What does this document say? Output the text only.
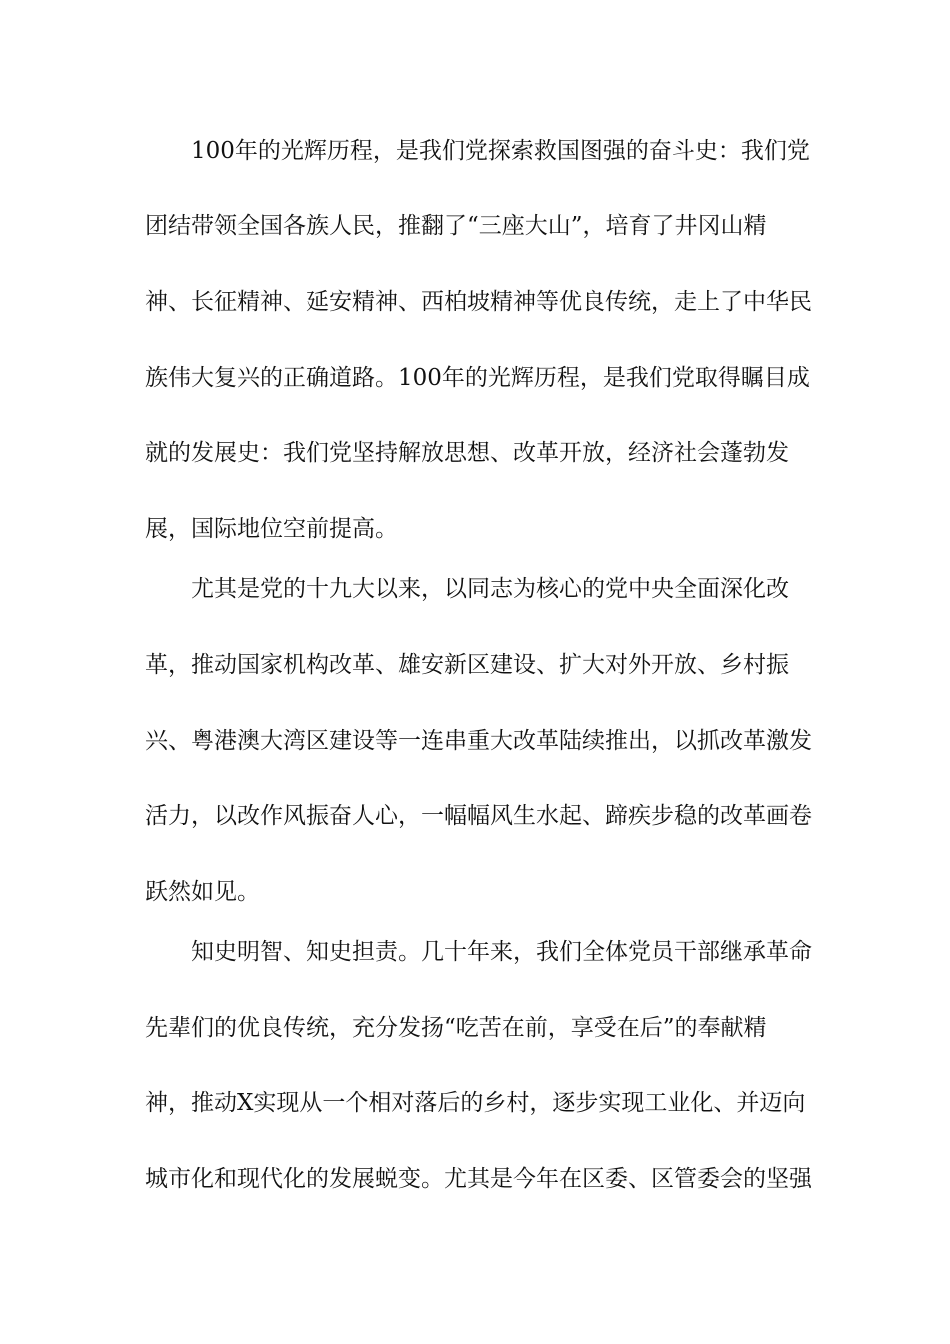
100年的光辉历程，是我们党探索救国图强的奋斗史：我们党
团结带领全国各族人民，推翻了“三座大山”，培育了井冈山精
神、长征精神、延安精神、西柏坡精神等优良传统，走上了中华民
族伟大复兴的正确道路。100年的光辉历程，是我们党取得瞩目成
就的发展史：我们党坚持解放思想、改革开放，经济社会蓬勃发
展，国际地位空前提高。
尤其是党的十九大以来，以同志为核心的党中央全面深化改
革，推动国家机构改革、雄安新区建设、扩大对外开放、乡村振
兴、粤港澳大湾区建设等一连串重大改革陆续推出，以抓改革激发
活力，以改作风振奋人心，一幅幅风生水起、蹄疾步稳的改革画卷
跃然如见。
知史明智、知史担责。几十年来，我们全体党员干部继承革命
先辈们的优良传统，充分发扬“吃苦在前，享受在后”的奉献精
神，推动X实现从一个相对落后的乡村，逐步实现工业化、并迈向
城市化和现代化的发展蜕变。尤其是今年在区委、区管委会的坚强
